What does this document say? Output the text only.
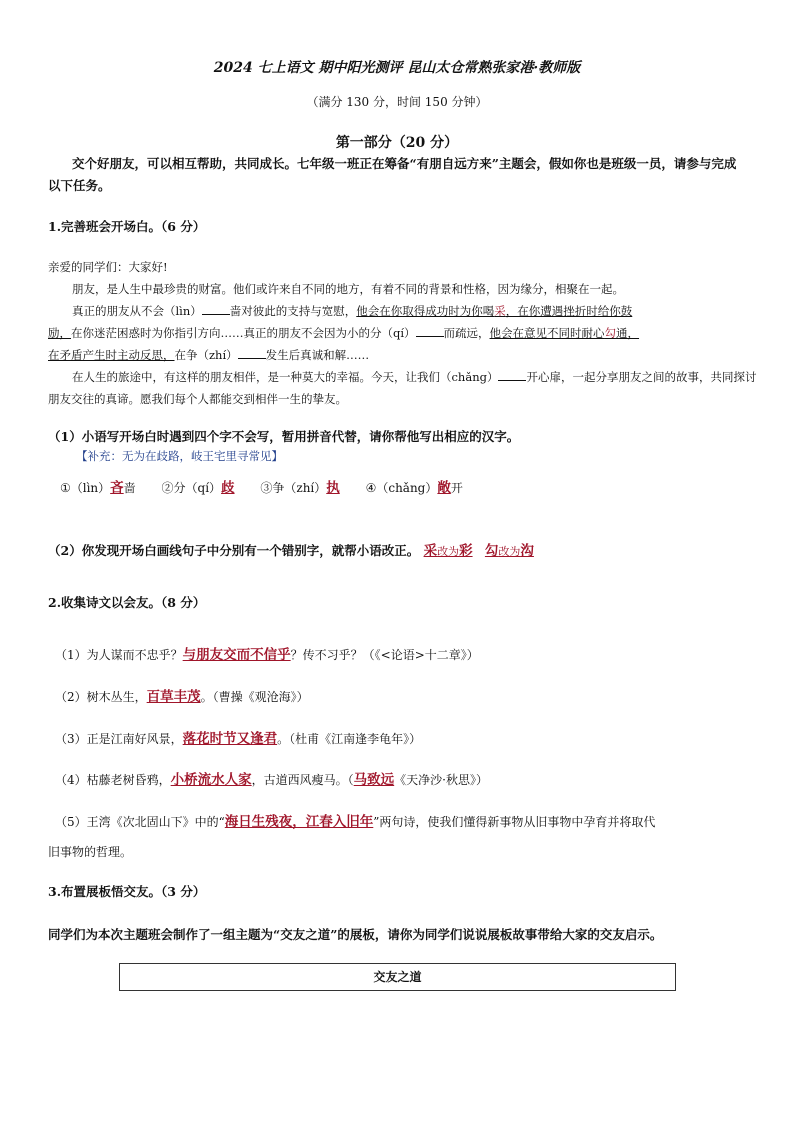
2024 七上语文 期中阳光测评 昆山太仓常熟张家港·教师版
（满分 130 分，时间 150 分钟）
第一部分（20 分）
交个好朋友，可以相互帮助，共同成长。七年级一班正在筹备“有朋自远方来”主题会，假如你也是班级一员，请参与完成以下任务。
1.完善班会开场白。（6 分）

亲爱的同学们：大家好!

朋友，是人生中最珍贵的财富。他们或许来自不同的地方，有着不同的背景和性格，因为缘分，相聚在一起。

真正的朋友从不会（lìn） 啬对彼此的支持与宽慰，他会在你取得成功时为你喝采，在你遭遇挫折时给你鼓

励，在你迷茫困惑时为你指引方向……真正的朋友不会因为小的分（qí） 而疏远，他会在意见不同时耐心勾通，

在矛盾产生时主动反思，在争（zhí） 发生后真诚和解……

在人生的旅途中，有这样的朋友相伴，是一种莫大的幸福。今天，让我们（chǎng） 开心扉，一起分享朋友之间的故事，共同探讨朋友交往的真谛。愿我们每个人都能交到相伴一生的挚友。

（1）小语写开场白时遇到四个字不会写，暂用拼音代替，请你帮他写出相应的汉字。
【补充：无为在歧路，岐王宅里寻常见】
①（lìn）吝啬 ②分（qí）歧 ③争（zhí）执 ④（chǎng）敞开
（2）你发现开场白画线句子中分别有一个错别字，就帮小语改正。 采改为彩 勾改为沟
2.收集诗文以会友。（8 分）
（1）为人谋而不忠乎？与朋友交而不信乎？传不习乎？（《<论语>十二章》）
（2）树木丛生，百草丰茂。（曹操《观沧海》）
（3）正是江南好风景，落花时节又逢君。（杜甫《江南逢李龟年》）
（4）枯藤老树昏鸦，小桥流水人家，古道西风瘦马。（马致远《天净沙·秋思》）
（5）王湾《次北固山下》中的“海日生残夜，江春入旧年”两句诗，使我们懂得新事物从旧事物中孕育并将取代
旧事物的哲理。
3.布置展板悟交友。（3 分）
同学们为本次主题班会制作了一组主题为“交友之道”的展板，请你为同学们说说展板故事带给大家的交友启示。
交友之道
